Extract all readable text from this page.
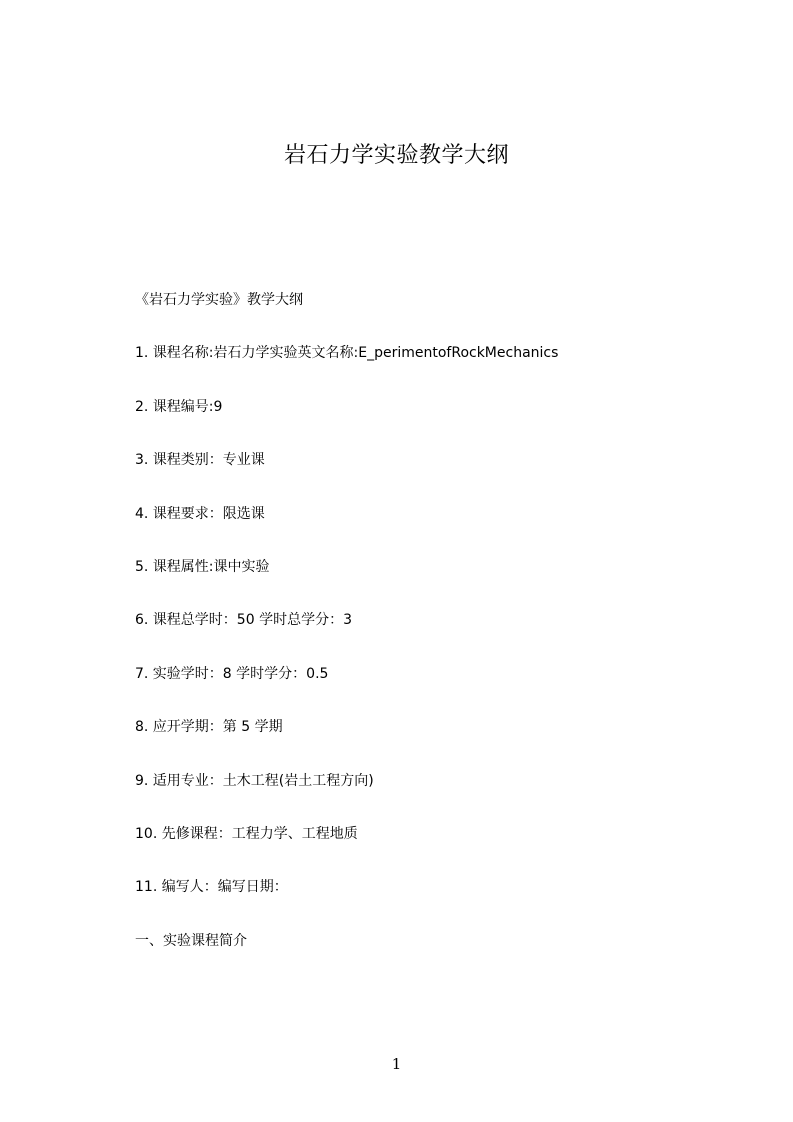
岩石力学实验教学大纲
《岩石力学实验》教学大纲
1. 课程名称:岩石力学实验英文名称:E_perimentofRockMechanics
2. 课程编号:9
3. 课程类别：专业课
4. 课程要求：限选课
5. 课程属性:课中实验
6. 课程总学时：50 学时总学分：3
7. 实验学时：8 学时学分：0.5
8. 应开学期：第 5 学期
9. 适用专业：土木工程(岩土工程方向)
10. 先修课程：工程力学、工程地质
11. 编写人：编写日期：
一、实验课程简介
1
